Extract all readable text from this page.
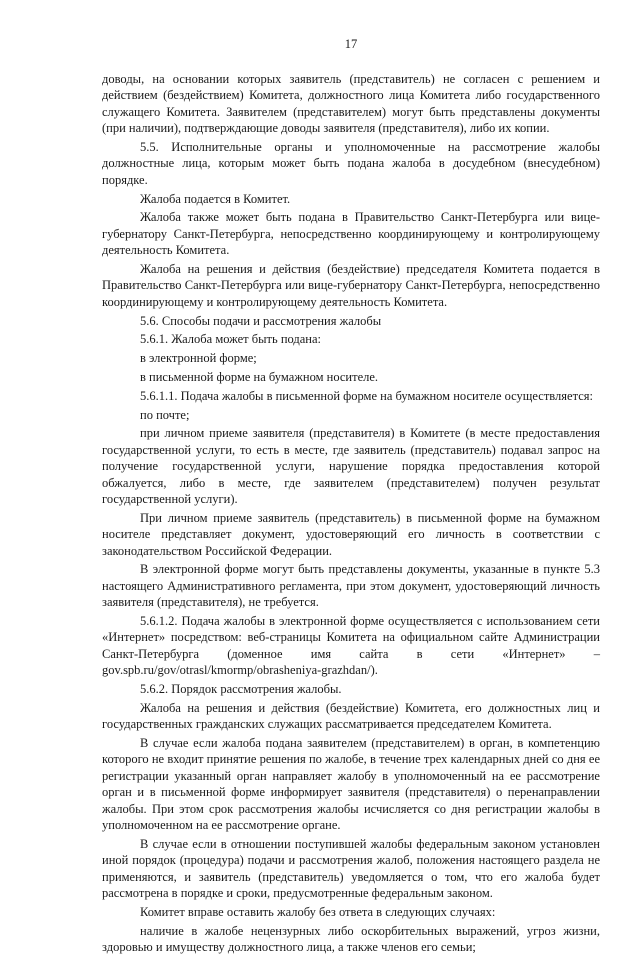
17

доводы, на основании которых заявитель (представитель) не согласен с решением и действием (бездействием) Комитета, должностного лица Комитета либо государственного служащего Комитета. Заявителем (представителем) могут быть представлены документы (при наличии), подтверждающие доводы заявителя (представителя), либо их копии.

5.5. Исполнительные органы и уполномоченные на рассмотрение жалобы должностные лица, которым может быть подана жалоба в досудебном (внесудебном) порядке.

Жалоба подается в Комитет.

Жалоба также может быть подана в Правительство Санкт-Петербурга или вице-губернатору Санкт-Петербурга, непосредственно координирующему и контролирующему деятельность Комитета.

Жалоба на решения и действия (бездействие) председателя Комитета подается в Правительство Санкт-Петербурга или вице-губернатору Санкт-Петербурга, непосредственно координирующему и контролирующему деятельность Комитета.

5.6. Способы подачи и рассмотрения жалобы

5.6.1. Жалоба может быть подана:

в электронной форме;

в письменной форме на бумажном носителе.

5.6.1.1. Подача жалобы в письменной форме на бумажном носителе осуществляется:

по почте;

при личном приеме заявителя (представителя) в Комитете (в месте предоставления государственной услуги, то есть в месте, где заявитель (представитель) подавал запрос на получение государственной услуги, нарушение порядка предоставления которой обжалуется, либо в месте, где заявителем (представителем) получен результат государственной услуги).

При личном приеме заявитель (представитель) в письменной форме на бумажном носителе представляет документ, удостоверяющий его личность в соответствии с законодательством Российской Федерации.

В электронной форме могут быть представлены документы, указанные в пункте 5.3 настоящего Административного регламента, при этом документ, удостоверяющий личность заявителя (представителя), не требуется.

5.6.1.2. Подача жалобы в электронной форме осуществляется с использованием сети «Интернет» посредством: веб-страницы Комитета на официальном сайте Администрации Санкт-Петербурга (доменное имя сайта в сети «Интернет» – gov.spb.ru/gov/otrasl/kmormp/obrasheniya-grazhdan/).

5.6.2. Порядок рассмотрения жалобы.

Жалоба на решения и действия (бездействие) Комитета, его должностных лиц и государственных гражданских служащих рассматривается председателем Комитета.

В случае если жалоба подана заявителем (представителем) в орган, в компетенцию которого не входит принятие решения по жалобе, в течение трех календарных дней со дня ее регистрации указанный орган направляет жалобу в уполномоченный на ее рассмотрение орган и в письменной форме информирует заявителя (представителя) о перенаправлении жалобы. При этом срок рассмотрения жалобы исчисляется со дня регистрации жалобы в уполномоченном на ее рассмотрение органе.

В случае если в отношении поступившей жалобы федеральным законом установлен иной порядок (процедура) подачи и рассмотрения жалоб, положения настоящего раздела не применяются, и заявитель (представитель) уведомляется о том, что его жалоба будет рассмотрена в порядке и сроки, предусмотренные федеральным законом.

Комитет вправе оставить жалобу без ответа в следующих случаях:

наличие в жалобе нецензурных либо оскорбительных выражений, угроз жизни, здоровью и имуществу должностного лица, а также членов его семьи;
